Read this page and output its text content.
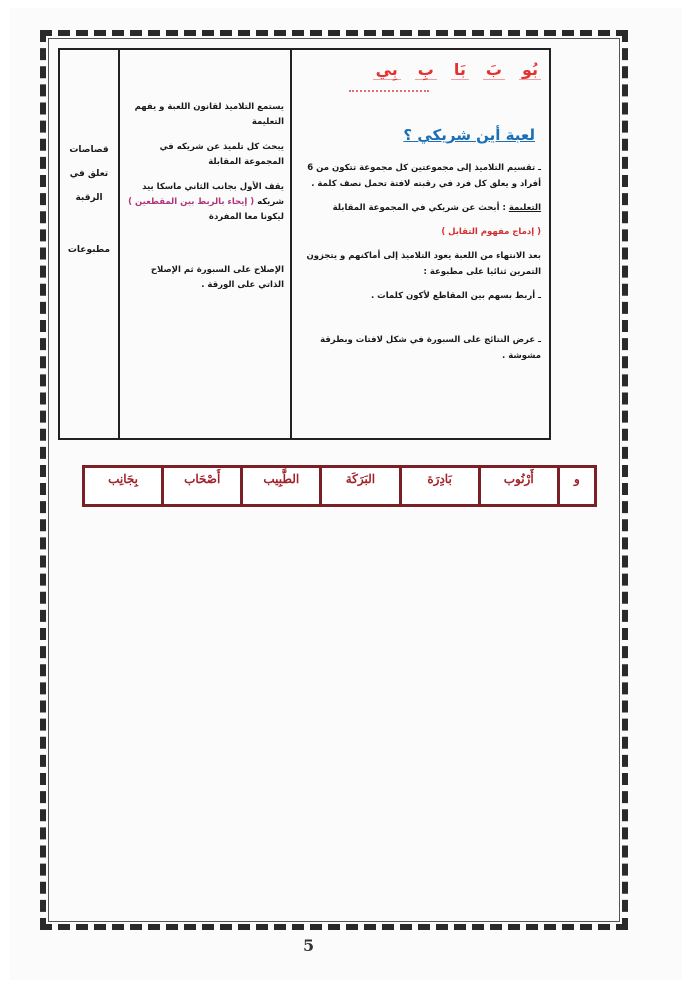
قصاصات
تعلق في
الرقبة
مطبوعات

يستمع التلاميذ لقانون اللعبة و يفهم التعليمة

يبحث كل تلميذ عن شريكه في المجموعة المقابلة

يقف الأول بجانب الثاني ماسكا بيد شريكه ( إيحاء بالربط بين المقطعين ) ليكونا معا المفردة

الإصلاح على السبورة ثم الإصلاح الذاتي على الورقة .

بُو
بَ
بَا
بِ
بِي
لعبة أين شريكي ؟

ـ تقسيم التلاميذ إلى مجموعتين كل مجموعة تتكون من 6 أفراد و يعلق كل فرد في رقبته لافتة تحمل نصف كلمة .

التعليمة : أبحث عن شريكي في المجموعة المقابلة

( إدماج مفهوم التقابل )

بعد الانتهاء من اللعبة يعود التلاميذ إلى أماكنهم و يتجزون التمرين ثنائيا على مطبوعة :

ـ أربط بسهم بين المقاطع لأكون كلمات .

ـ عرض النتائج على السبورة في شكل لافتات وبطرقة مشوشة .

و
أَرْنُوب
بَادِرَة
البَرَكَة
الطَّبِيب
أَصْحَاب
بِجَانِب
5
